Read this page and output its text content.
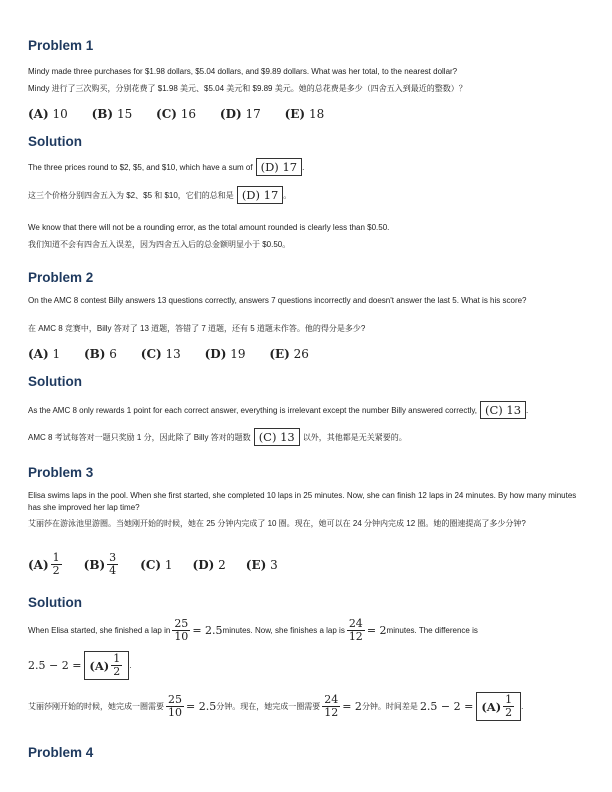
Problem 1
Mindy made three purchases for $1.98 dollars, $5.04 dollars, and $9.89 dollars. What was her total, to the nearest dollar?
Mindy 进行了三次购买，分别花费了 $1.98 美元、$5.04 美元和 $9.89 美元。她的总花费是多少（四舍五入到最近的整数）？
(A) 10 (B) 15 (C) 16 (D) 17 (E) 18
Solution
The three prices round to $2, $5, and $10, which have a sum of (D) 17 .
这三个价格分别四舍五入为 $2、$5 和 $10，它们的总和是 (D) 17 。
We know that there will not be a rounding error, as the total amount rounded is clearly less than $0.50.
我们知道不会有四舍五入误差，因为四舍五入后的总金额明显小于 $0.50。
Problem 2
On the AMC 8 contest Billy answers 13 questions correctly, answers 7 questions incorrectly and doesn't answer the last 5. What is his score?
在 AMC 8 竞赛中，Billy 答对了 13 道题，答错了 7 道题，还有 5 道题未作答。他的得分是多少?
(A) 1 (B) 6 (C) 13 (D) 19 (E) 26
Solution
As the AMC 8 only rewards 1 point for each correct answer, everything is irrelevant except the number Billy answered correctly, (C) 13 .
AMC 8 考试每答对一题只奖励 1 分，因此除了 Billy 答对的题数 (C) 13	以外，其他都是无关紧要的。
Problem 3
Elisa swims laps in the pool. When she first started, she completed 10 laps in 25 minutes. Now, she can finish 12 laps in 24 minutes. By how many minutes has she improved her lap time?
艾丽莎在游泳池里游圈。当她刚开始的时候，她在 25 分钟内完成了 10 圈。现在，她可以在 24 分钟内完成 12 圈。她的圈速提高了多少分钟?
$(A) \frac{1}{2} (B) \frac{3}{4} (C)$ 1 (D) 2 (E) 3
Solution
When Elisa started, she finished a lap in $\frac{25}{10} = 2.5$ minutes. Now, she finishes a lap is $\frac{24}{12} = 2$ minutes. The difference is
$2.5 - 2 = (A) \frac{1}{2}$ .
艾丽莎刚开始的时候，她完成一圈需要 $\frac{25}{10} = 2.5$ 分钟。现在，她完成一圈需要 $\frac{24}{12} = 2$ 分钟。时间差是 $2.5 - 2 = (A) \frac{1}{2}$ .
Problem 4
